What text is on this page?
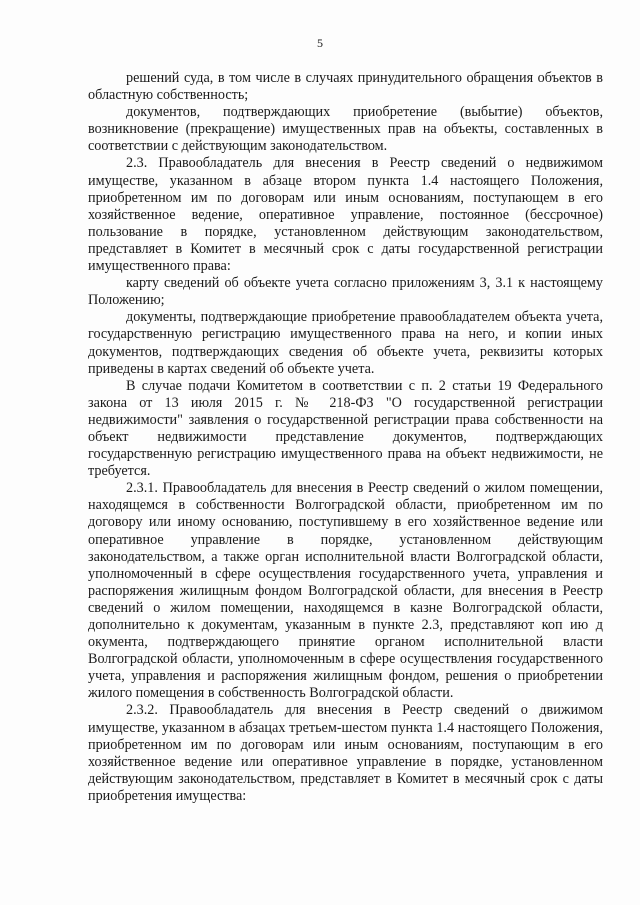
5

решений суда, в том числе в случаях принудительного обращения объектов в областную собственность;

документов, подтверждающих приобретение (выбытие) объектов, возникновение (прекращение) имущественных прав на объекты, составленных в соответствии с действующим законодательством.

2.3. Правообладатель для внесения в Реестр сведений о недвижимом имуществе, указанном в абзаце втором пункта 1.4 настоящего Положения, приобретенном им по договорам или иным основаниям, поступающем в его хозяйственное ведение, оперативное управление, постоянное (бессрочное) пользование в порядке, установленном действующим законодательством, представляет в Комитет в месячный срок с даты государственной регистрации имущественного права:

карту сведений об объекте учета согласно приложениям 3, 3.1 к настоящему Положению;

документы, подтверждающие приобретение правообладателем объекта учета, государственную регистрацию имущественного права на него, и копии иных документов, подтверждающих сведения об объекте учета, реквизиты которых приведены в картах сведений об объекте учета.

В случае подачи Комитетом в соответствии с п. 2 статьи 19 Федерального закона от 13 июля 2015 г. № 218-ФЗ "О государственной регистрации недвижимости" заявления о государственной регистрации права собственности на объект недвижимости представление документов, подтверждающих государственную регистрацию имущественного права на объект недвижимости, не требуется.

2.3.1. Правообладатель для внесения в Реестр сведений о жилом помещении, находящемся в собственности Волгоградской области, приобретенном им по договору или иному основанию, поступившему в его хозяйственное ведение или оперативное управление в порядке, установленном действующим законодательством, а также орган исполнительной власти Волгоградской области, уполномоченный в сфере осуществления государственного учета, управления и распоряжения жилищным фондом Волгоградской области, для внесения в Реестр сведений о жилом помещении, находящемся в казне Волгоградской области, дополнительно к документам, указанным в пункте 2.3, представляют коп ию д окумента, подтверждающего принятие органом исполнительной власти Волгоградской области, уполномоченным в сфере осуществления государственного учета, управления и распоряжения жилищным фондом, решения о приобретении жилого помещения в собственность Волгоградской области.

2.3.2. Правообладатель для внесения в Реестр сведений о движимом имуществе, указанном в абзацах третьем-шестом пункта 1.4 настоящего Положения, приобретенном им по договорам или иным основаниям, поступающим в его хозяйственное ведение или оперативное управление в порядке, установленном действующим законодательством, представляет в Комитет в месячный срок с даты приобретения имущества:
